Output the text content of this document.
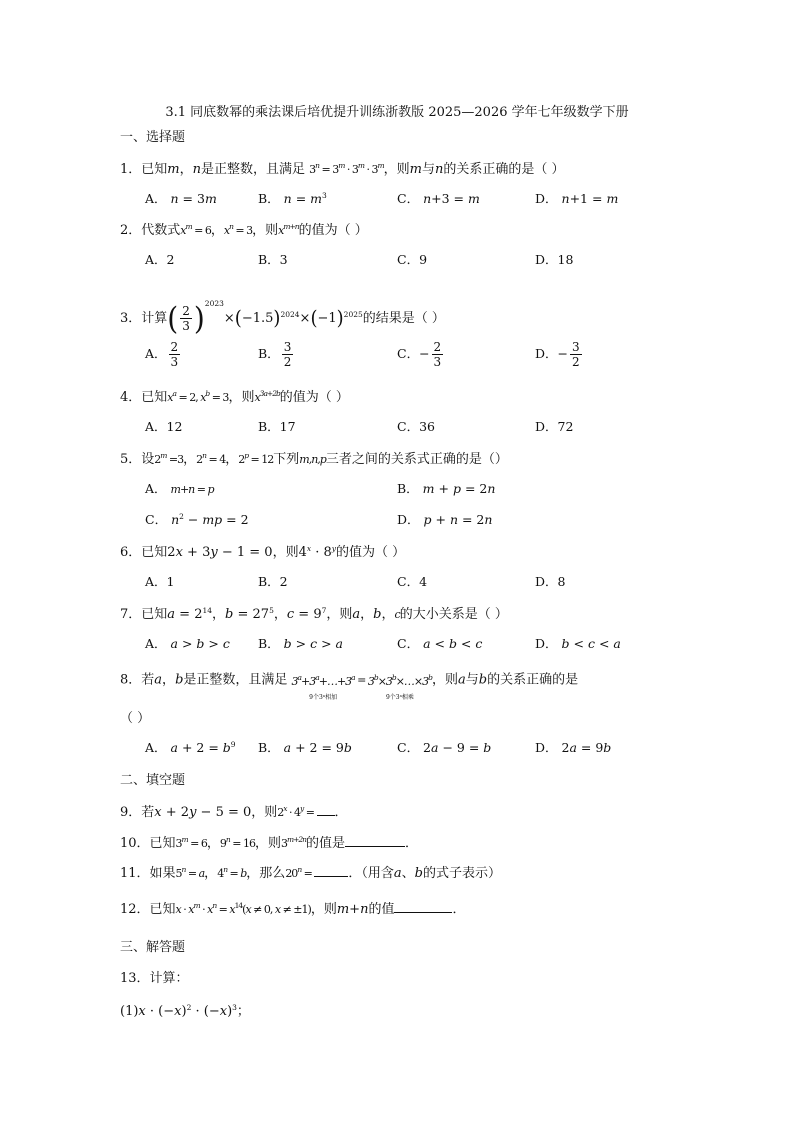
3.1 同底数幂的乘法课后培优提升训练浙教版 2025—2026 学年七年级数学下册
一、选择题
1．已知m，n是正整数，且满足 $3^n = 3^m \cdot 3^m \cdot 3^m$，则m与n的关系正确的是（ ）
A． n = 3m	B． $n = m^3$	C． n+3 = m	D． n+1 = m
2．代数式$x^m = 6$，$x^n = 3$，则$x^{m+n}$的值为（ ）
A．2	B．3	C．9	D．18
3．计算( $\frac{2}{3} )^{2023}\times(-1.5)^{2024}\times(-1)^{2025}$的结果是（ ）
A． $\frac{2}{3}$	B． $\frac{3}{2}$	C．− $\frac{2}{3}$	D．− $\frac{3}{2}$
4．已知$x^a = 2$, $x^b = 3$，则$x^{3a+2b}$的值为（ ）
A．12	B．17	C．36	D．72
5．设$2^m =3$，$2^n = 4$，$2^p = 12$下列m,n,p三者之间的关系式正确的是（）
A． m+n = p	B． m + p = 2n
C． $n^2$ − mp = 2	D． p + n = 2n
6．已知2x + 3y − 1 = 0，则$4^x \cdot 8^y$的值为（ ）
A．1	B．2	C．4	D．8
7．已知$a = 2^{14}$，$b = 27^5$，$c = 9^7$，则a，b，c的大小关系是（ ）
A． a > b > c B． b > c > a	C． a < b < c	D． b < c < a
8．若a，b是正整数，且满足 $3^a+3^a+\dots+3^a$
9个3ᵃ相加
= $3^b\times 3^b\times\dots\times 3^b$
9个3ᵃ相乘
，则a与b的关系正确的是
（ ）
A． $a + 2 = b^9$ B． a + 2 = 9b	C． 2a − 9 = b	D． 2a = 9b
二、填空题
9．若x + 2y − 5 = 0，则$2^x \cdot 4^y$ = ．
10．已知$3^m = 6$，$9^n = 16$，则$3^{m+2n}$的值是	．
11．如果$5^n = a$，$4^n = b$，那么$20^n$ =	．（用含a、b的式子表示）
12．已知$x \cdot x^m \cdot x^n = x^{14}(x \ne 0$, x ≠ ±1)，则m+n的值	．
三、解答题
13．计算：
$(1)x \cdot (-x)^2 \cdot (-x)^3$；
